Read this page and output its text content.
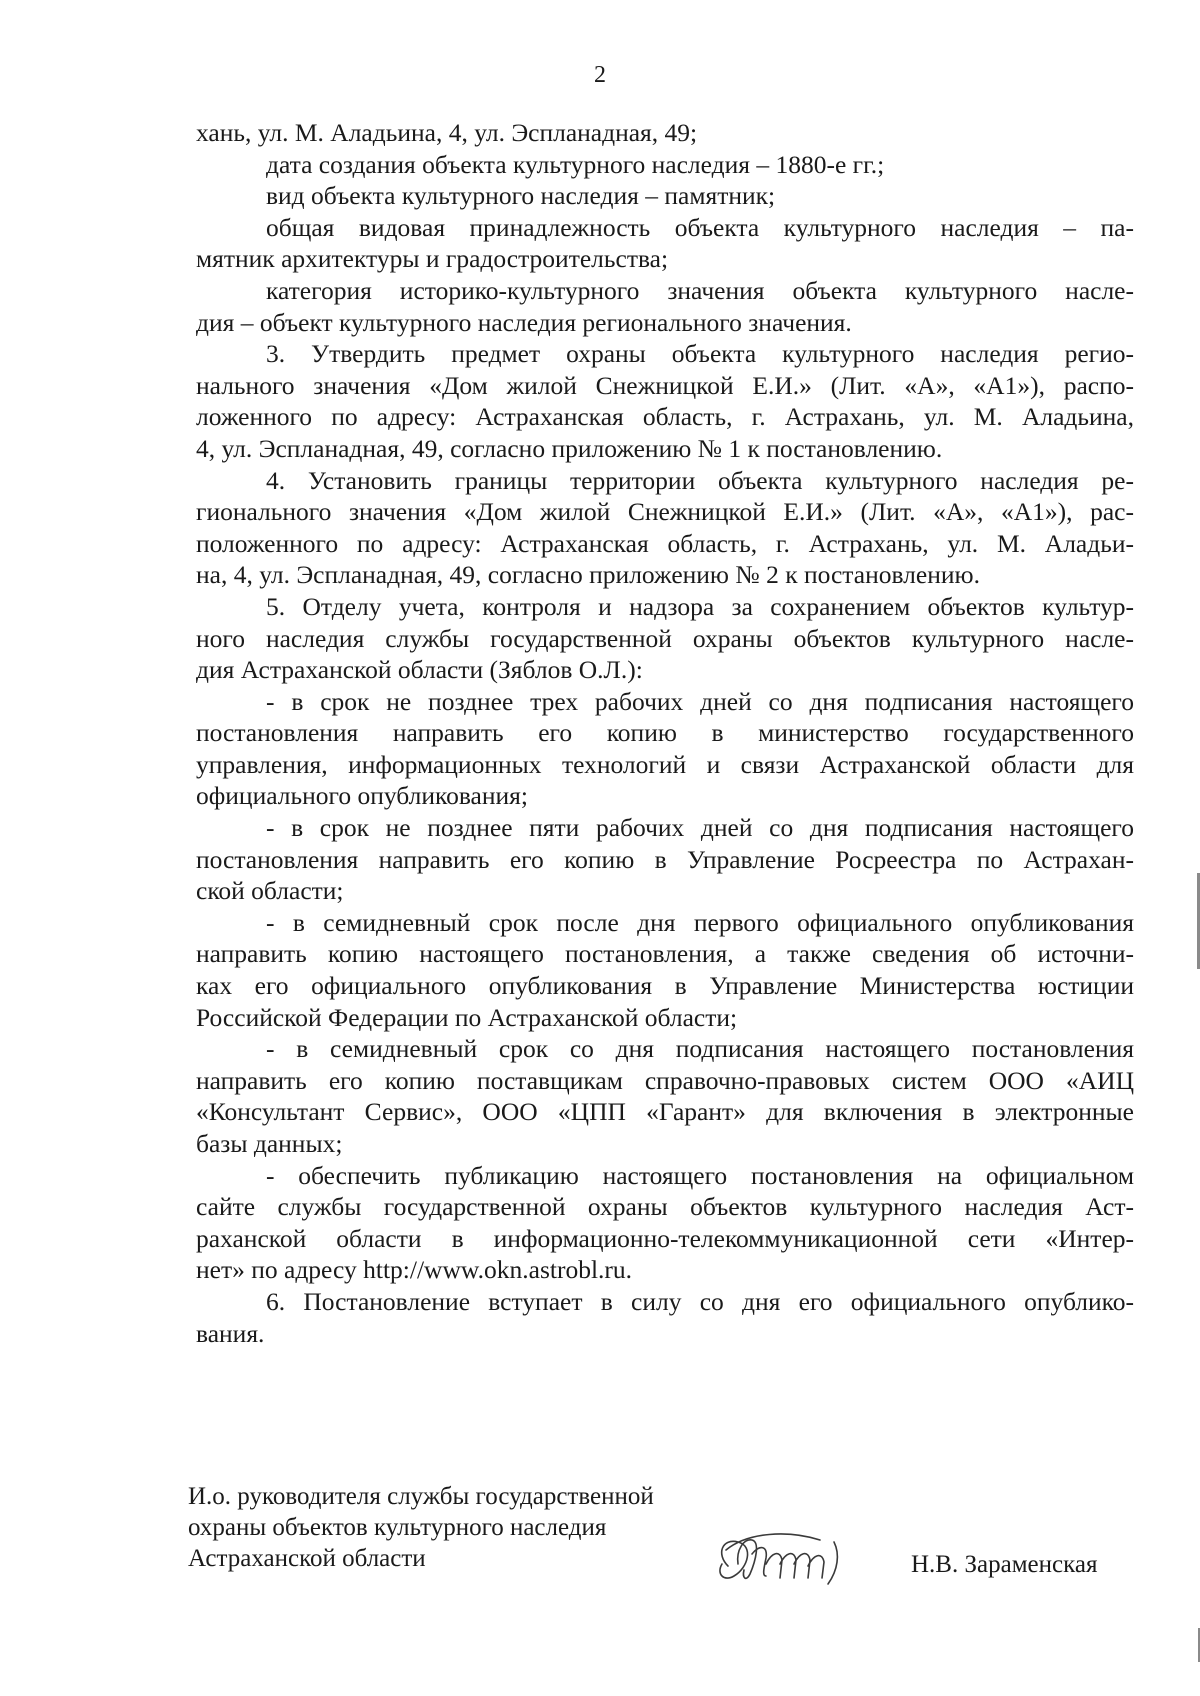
2
хань, ул. М. Аладьина, 4, ул. Эспланадная, 49;
дата создания объекта культурного наследия – 1880-е гг.;
вид объекта культурного наследия – памятник;
общая видовая принадлежность объекта культурного наследия – па-
мятник архитектуры и градостроительства;
категория историко-культурного значения объекта культурного насле-
дия – объект культурного наследия регионального значения.
3. Утвердить предмет охраны объекта культурного наследия регио-
нального значения «Дом жилой Снежницкой Е.И.» (Лит. «А», «А1»), распо-
ложенного по адресу: Астраханская область, г. Астрахань, ул. М. Аладьина,
4, ул. Эспланадная, 49, согласно приложению № 1 к постановлению.
4. Установить границы территории объекта культурного наследия ре-
гионального значения «Дом жилой Снежницкой Е.И.» (Лит. «А», «А1»), рас-
положенного по адресу: Астраханская область, г. Астрахань, ул. М. Аладьи-
на, 4, ул. Эспланадная, 49, согласно приложению № 2 к постановлению.
5. Отделу учета, контроля и надзора за сохранением объектов культур-
ного наследия службы государственной охраны объектов культурного насле-
дия Астраханской области (Зяблов О.Л.):
- в срок не позднее трех рабочих дней со дня подписания настоящего
постановления направить его копию в министерство государственного
управления, информационных технологий и связи Астраханской области для
официального опубликования;
- в срок не позднее пяти рабочих дней со дня подписания настоящего
постановления направить его копию в Управление Росреестра по Астрахан-
ской области;
- в семидневный срок после дня первого официального опубликования
направить копию настоящего постановления, а также сведения об источни-
ках его официального опубликования в Управление Министерства юстиции
Российской Федерации по Астраханской области;
- в семидневный срок со дня подписания настоящего постановления
направить его копию поставщикам справочно-правовых систем ООО «АИЦ
«Консультант Сервис», ООО «ЦПП «Гарант» для включения в электронные
базы данных;
- обеспечить публикацию настоящего постановления на официальном
сайте службы государственной охраны объектов культурного наследия Аст-
раханской области в информационно-телекоммуникационной сети «Интер-
нет» по адресу http://www.okn.astrobl.ru.
6. Постановление вступает в силу со дня его официального опублико-
вания.
И.о. руководителя службы государственной
охраны объектов культурного наследия
Астраханской области	Н.В. Зараменская
